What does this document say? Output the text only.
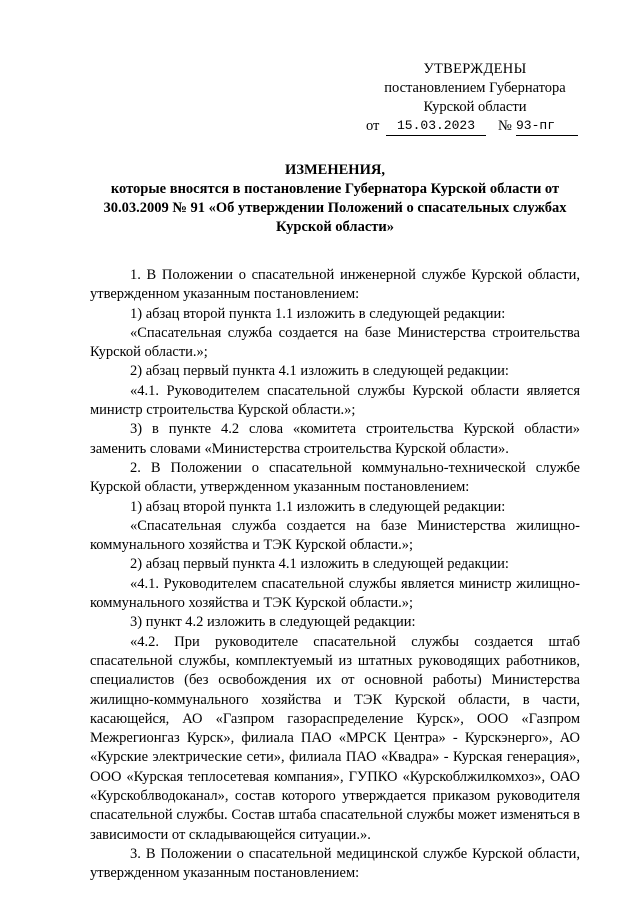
УТВЕРЖДЕНЫ
постановлением Губернатора
Курской области
от	15.03.2023	№ 93-пг
ИЗМЕНЕНИЯ,
которые вносятся в постановление Губернатора Курской области от 30.03.2009 № 91 «Об утверждении Положений о спасательных службах Курской области»

1. В Положении о спасательной инженерной службе Курской области, утвержденном указанным постановлением:

1) абзац второй пункта 1.1 изложить в следующей редакции:

«Спасательная служба создается на базе Министерства строительства Курской области.»;

2) абзац первый пункта 4.1 изложить в следующей редакции:

«4.1. Руководителем спасательной службы Курской области является министр строительства Курской области.»;

3) в пункте 4.2 слова «комитета строительства Курской области» заменить словами «Министерства строительства Курской области».

2. В Положении о спасательной коммунально-технической службе Курской области, утвержденном указанным постановлением:

1) абзац второй пункта 1.1 изложить в следующей редакции:

«Спасательная служба создается на базе Министерства жилищно-коммунального хозяйства и ТЭК Курской области.»;

2) абзац первый пункта 4.1 изложить в следующей редакции:

«4.1. Руководителем спасательной службы является министр жилищно-коммунального хозяйства и ТЭК Курской области.»;

3) пункт 4.2 изложить в следующей редакции:

«4.2. При руководителе спасательной службы создается штаб спасательной службы, комплектуемый из штатных руководящих работников, специалистов (без освобождения их от основной работы) Министерства жилищно-коммунального хозяйства и ТЭК Курской области, в части, касающейся, АО «Газпром газораспределение Курск», ООО «Газпром Межрегионгаз Курск», филиала ПАО «МРСК Центра» - Курскэнерго», АО «Курские электрические сети», филиала ПАО «Квадра» - Курская генерация», ООО «Курская теплосетевая компания», ГУПКО «Курскоблжилкомхоз», ОАО «Курскоблводоканал», состав которого утверждается приказом руководителя спасательной службы. Состав штаба спасательной службы может изменяться в зависимости от складывающейся ситуации.».

3. В Положении о спасательной медицинской службе Курской области, утвержденном указанным постановлением:
